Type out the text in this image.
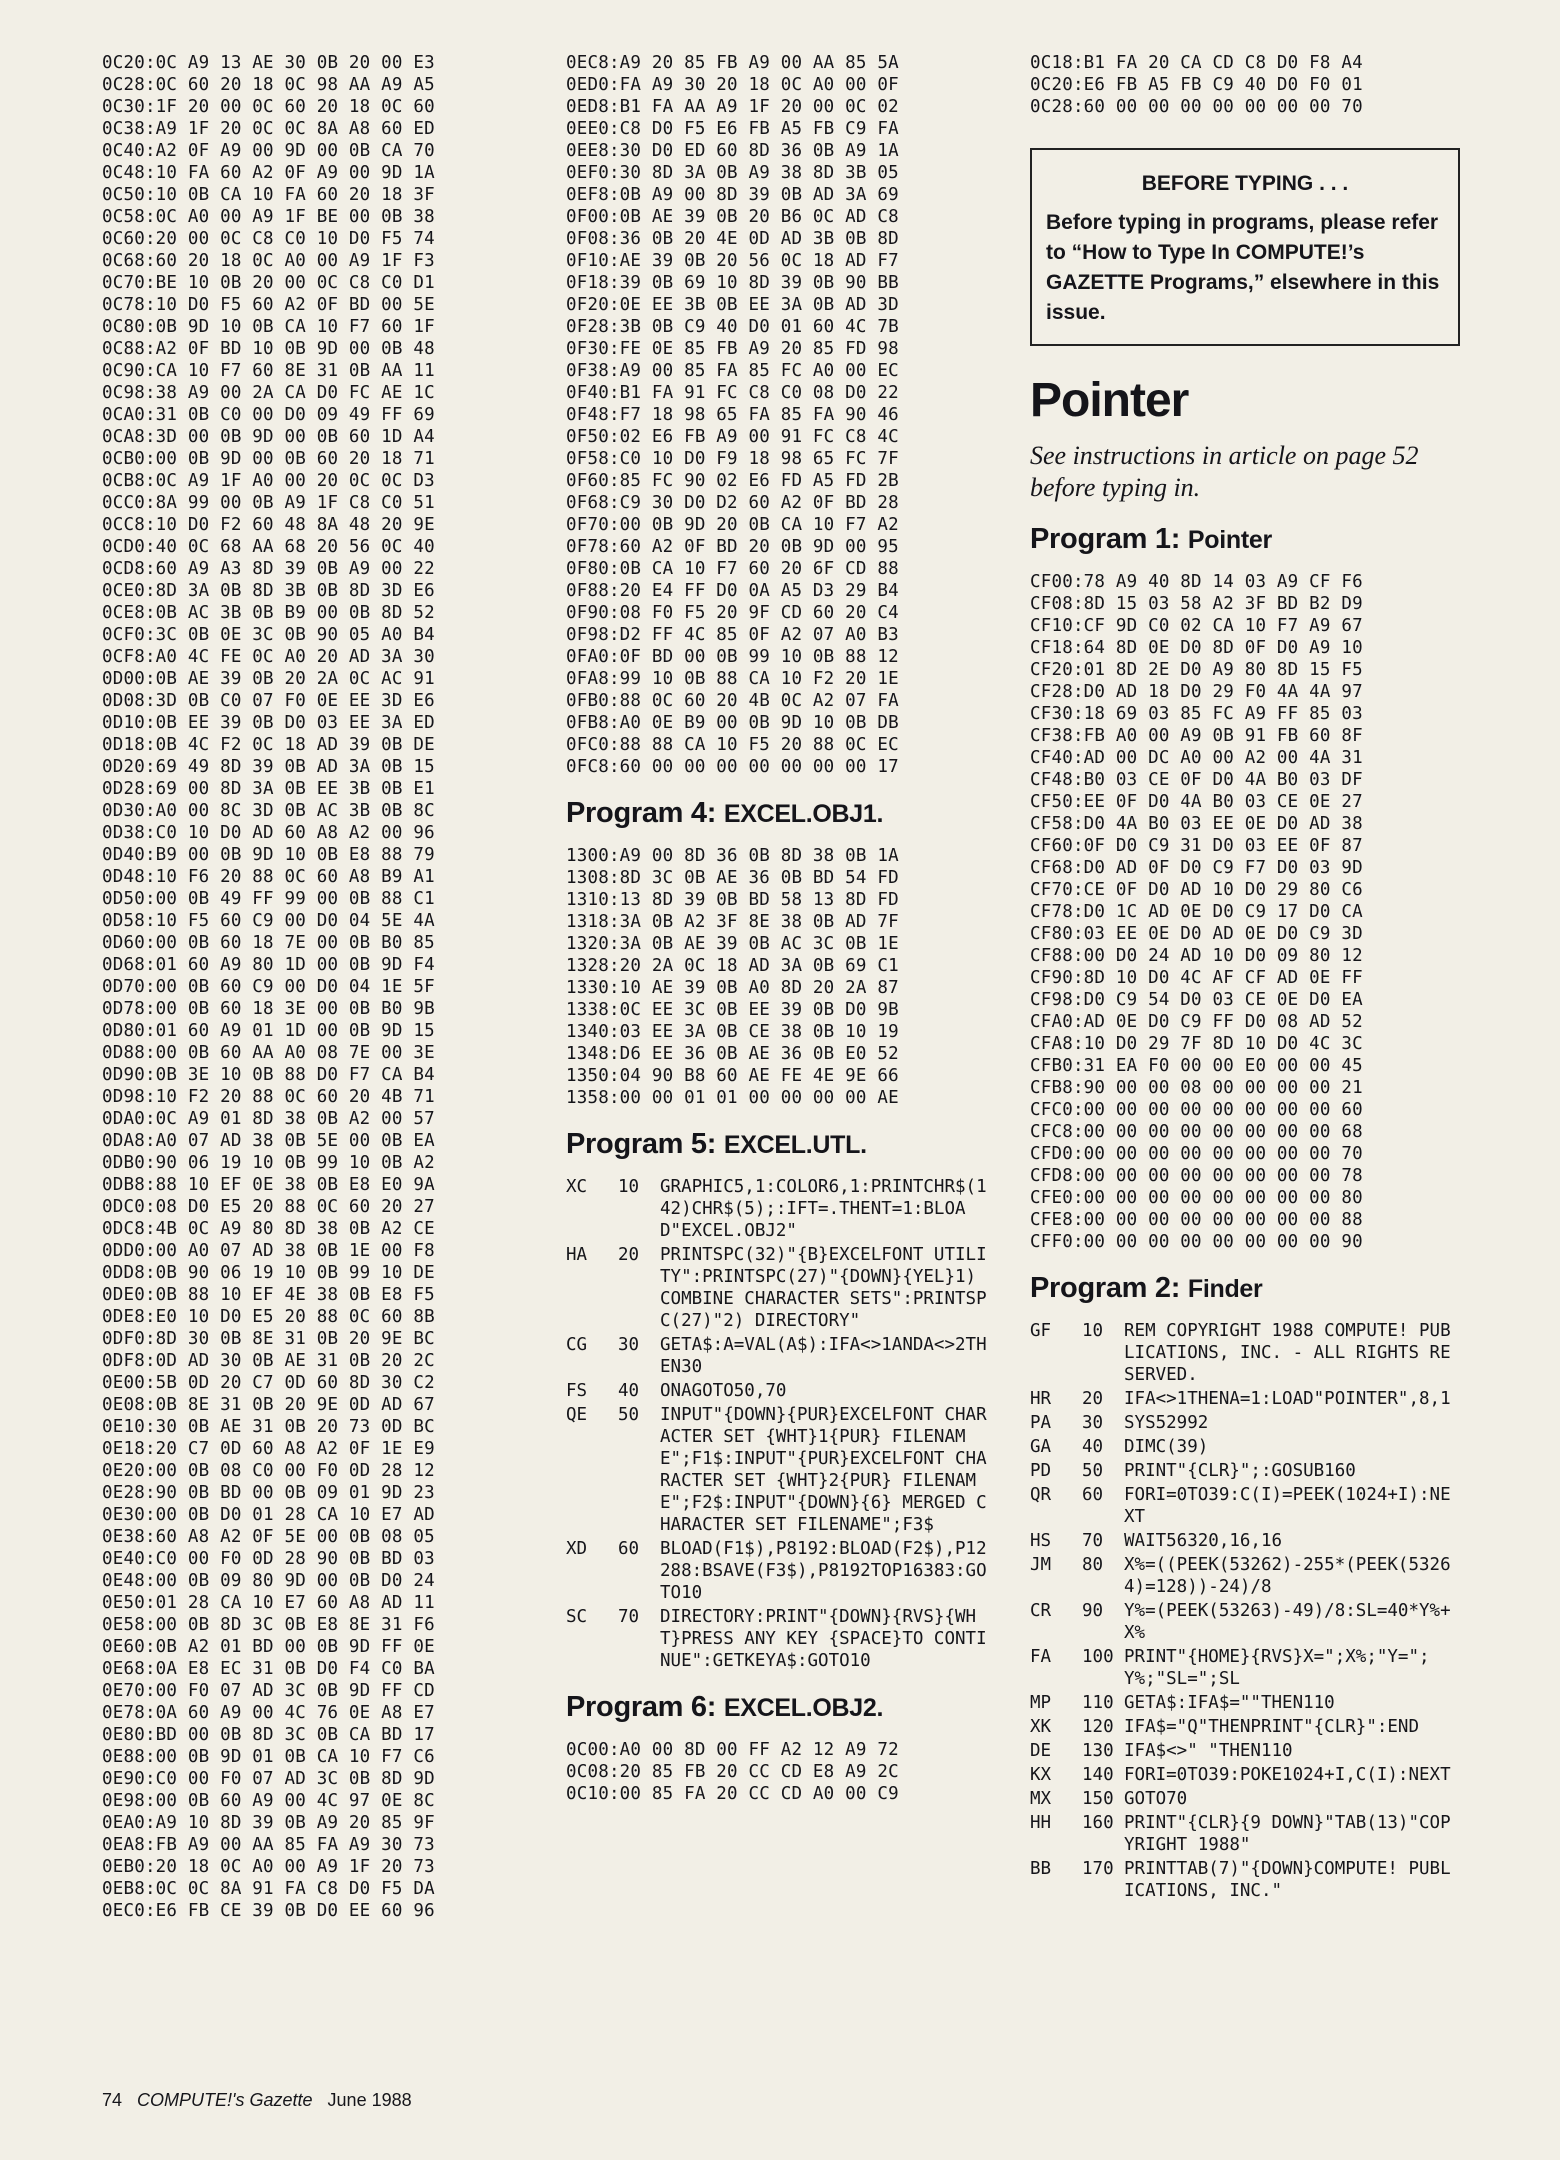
0C20:0C A9 13 AE 30 0B 20 00 E3
0C28:0C 60 20 18 0C 98 AA A9 A5
0C30:1F 20 00 0C 60 20 18 0C 60
0C38:A9 1F 20 0C 0C 8A A8 60 ED
0C40:A2 0F A9 00 9D 00 0B CA 70
0C48:10 FA 60 A2 0F A9 00 9D 1A
0C50:10 0B CA 10 FA 60 20 18 3F
0C58:0C A0 00 A9 1F BE 00 0B 38
0C60:20 00 0C C8 C0 10 D0 F5 74
0C68:60 20 18 0C A0 00 A9 1F F3
0C70:BE 10 0B 20 00 0C C8 C0 D1
0C78:10 D0 F5 60 A2 0F BD 00 5E
0C80:0B 9D 10 0B CA 10 F7 60 1F
0C88:A2 0F BD 10 0B 9D 00 0B 48
0C90:CA 10 F7 60 8E 31 0B AA 11
0C98:38 A9 00 2A CA D0 FC AE 1C
0CA0:31 0B C0 00 D0 09 49 FF 69
0CA8:3D 00 0B 9D 00 0B 60 1D A4
0CB0:00 0B 9D 00 0B 60 20 18 71
0CB8:0C A9 1F A0 00 20 0C 0C D3
0CC0:8A 99 00 0B A9 1F C8 C0 51
0CC8:10 D0 F2 60 48 8A 48 20 9E
0CD0:40 0C 68 AA 68 20 56 0C 40
0CD8:60 A9 A3 8D 39 0B A9 00 22
0CE0:8D 3A 0B 8D 3B 0B 8D 3D E6
0CE8:0B AC 3B 0B B9 00 0B 8D 52
0CF0:3C 0B 0E 3C 0B 90 05 A0 B4
0CF8:A0 4C FE 0C A0 20 AD 3A 30
0D00:0B AE 39 0B 20 2A 0C AC 91
0D08:3D 0B C0 07 F0 0E EE 3D E6
0D10:0B EE 39 0B D0 03 EE 3A ED
0D18:0B 4C F2 0C 18 AD 39 0B DE
0D20:69 49 8D 39 0B AD 3A 0B 15
0D28:69 00 8D 3A 0B EE 3B 0B E1
0D30:A0 00 8C 3D 0B AC 3B 0B 8C
0D38:C0 10 D0 AD 60 A8 A2 00 96
0D40:B9 00 0B 9D 10 0B E8 88 79
0D48:10 F6 20 88 0C 60 A8 B9 A1
0D50:00 0B 49 FF 99 00 0B 88 C1
0D58:10 F5 60 C9 00 D0 04 5E 4A
0D60:00 0B 60 18 7E 00 0B B0 85
0D68:01 60 A9 80 1D 00 0B 9D F4
0D70:00 0B 60 C9 00 D0 04 1E 5F
0D78:00 0B 60 18 3E 00 0B B0 9B
0D80:01 60 A9 01 1D 00 0B 9D 15
0D88:00 0B 60 AA A0 08 7E 00 3E
0D90:0B 3E 10 0B 88 D0 F7 CA B4
0D98:10 F2 20 88 0C 60 20 4B 71
0DA0:0C A9 01 8D 38 0B A2 00 57
0DA8:A0 07 AD 38 0B 5E 00 0B EA
0DB0:90 06 19 10 0B 99 10 0B A2
0DB8:88 10 EF 0E 38 0B E8 E0 9A
0DC0:08 D0 E5 20 88 0C 60 20 27
0DC8:4B 0C A9 80 8D 38 0B A2 CE
0DD0:00 A0 07 AD 38 0B 1E 00 F8
0DD8:0B 90 06 19 10 0B 99 10 DE
0DE0:0B 88 10 EF 4E 38 0B E8 F5
0DE8:E0 10 D0 E5 20 88 0C 60 8B
0DF0:8D 30 0B 8E 31 0B 20 9E BC
0DF8:0D AD 30 0B AE 31 0B 20 2C
0E00:5B 0D 20 C7 0D 60 8D 30 C2
0E08:0B 8E 31 0B 20 9E 0D AD 67
0E10:30 0B AE 31 0B 20 73 0D BC
0E18:20 C7 0D 60 A8 A2 0F 1E E9
0E20:00 0B 08 C0 00 F0 0D 28 12
0E28:90 0B BD 00 0B 09 01 9D 23
0E30:00 0B D0 01 28 CA 10 E7 AD
0E38:60 A8 A2 0F 5E 00 0B 08 05
0E40:C0 00 F0 0D 28 90 0B BD 03
0E48:00 0B 09 80 9D 00 0B D0 24
0E50:01 28 CA 10 E7 60 A8 AD 11
0E58:00 0B 8D 3C 0B E8 8E 31 F6
0E60:0B A2 01 BD 00 0B 9D FF 0E
0E68:0A E8 EC 31 0B D0 F4 C0 BA
0E70:00 F0 07 AD 3C 0B 9D FF CD
0E78:0A 60 A9 00 4C 76 0E A8 E7
0E80:BD 00 0B 8D 3C 0B CA BD 17
0E88:00 0B 9D 01 0B CA 10 F7 C6
0E90:C0 00 F0 07 AD 3C 0B 8D 9D
0E98:00 0B 60 A9 00 4C 97 0E 8C
0EA0:A9 10 8D 39 0B A9 20 85 9F
0EA8:FB A9 00 AA 85 FA A9 30 73
0EB0:20 18 0C A0 00 A9 1F 20 73
0EB8:0C 0C 8A 91 FA C8 D0 F5 DA
0EC0:E6 FB CE 39 0B D0 EE 60 96
0EC8:A9 20 85 FB A9 00 AA 85 5A
0ED0:FA A9 30 20 18 0C A0 00 0F
0ED8:B1 FA AA A9 1F 20 00 0C 02
0EE0:C8 D0 F5 E6 FB A5 FB C9 FA
0EE8:30 D0 ED 60 8D 36 0B A9 1A
0EF0:30 8D 3A 0B A9 38 8D 3B 05
0EF8:0B A9 00 8D 39 0B AD 3A 69
0F00:0B AE 39 0B 20 B6 0C AD C8
0F08:36 0B 20 4E 0D AD 3B 0B 8D
0F10:AE 39 0B 20 56 0C 18 AD F7
0F18:39 0B 69 10 8D 39 0B 90 BB
0F20:0E EE 3B 0B EE 3A 0B AD 3D
0F28:3B 0B C9 40 D0 01 60 4C 7B
0F30:FE 0E 85 FB A9 20 85 FD 98
0F38:A9 00 85 FA 85 FC A0 00 EC
0F40:B1 FA 91 FC C8 C0 08 D0 22
0F48:F7 18 98 65 FA 85 FA 90 46
0F50:02 E6 FB A9 00 91 FC C8 4C
0F58:C0 10 D0 F9 18 98 65 FC 7F
0F60:85 FC 90 02 E6 FD A5 FD 2B
0F68:C9 30 D0 D2 60 A2 0F BD 28
0F70:00 0B 9D 20 0B CA 10 F7 A2
0F78:60 A2 0F BD 20 0B 9D 00 95
0F80:0B CA 10 F7 60 20 6F CD 88
0F88:20 E4 FF D0 0A A5 D3 29 B4
0F90:08 F0 F5 20 9F CD 60 20 C4
0F98:D2 FF 4C 85 0F A2 07 A0 B3
0FA0:0F BD 00 0B 99 10 0B 88 12
0FA8:99 10 0B 88 CA 10 F2 20 1E
0FB0:88 0C 60 20 4B 0C A2 07 FA
0FB8:A0 0E B9 00 0B 9D 10 0B DB
0FC0:88 88 CA 10 F5 20 88 0C EC
0FC8:60 00 00 00 00 00 00 00 17
Program 4: EXCEL.OBJ1.
1300:A9 00 8D 36 0B 8D 38 0B 1A
1308:8D 3C 0B AE 36 0B BD 54 FD
1310:13 8D 39 0B BD 58 13 8D FD
1318:3A 0B A2 3F 8E 38 0B AD 7F
1320:3A 0B AE 39 0B AC 3C 0B 1E
1328:20 2A 0C 18 AD 3A 0B 69 C1
1330:10 AE 39 0B A0 8D 20 2A 87
1338:0C EE 3C 0B EE 39 0B D0 9B
1340:03 EE 3A 0B CE 38 0B 10 19
1348:D6 EE 36 0B AE 36 0B E0 52
1350:04 90 B8 60 AE FE 4E 9E 66
1358:00 00 01 01 00 00 00 00 AE
Program 5: EXCEL.UTL.
XC	10	GRAPHIC5,1:COLOR6,1:PRINTCHR$(142)CHR$(5);:IFT=.THENT=1:BLOAD"EXCEL.OBJ2"
HA	20	PRINTSPC(32)"{B}EXCELFONT UTILITY":PRINTSPC(27)"{DOWN}{YEL}1) COMBINE CHARACTER SETS":PRINTSPC(27)"2) DIRECTORY"
CG	30	GETA$:A=VAL(A$):IFA<>1ANDA<>2THEN30
FS	40	ONAGOTO50,70
QE	50	INPUT"{DOWN}{PUR}EXCELFONT CHARACTER SET {WHT}1{PUR} FILENAME";F1$:INPUT"{PUR}EXCELFONT CHARACTER SET {WHT}2{PUR} FILENAME";F2$:INPUT"{DOWN}{6} MERGED CHARACTER SET FILENAME";F3$
XD	60	BLOAD(F1$),P8192:BLOAD(F2$),P12288:BSAVE(F3$),P8192TOP16383:GOTO10
SC	70	DIRECTORY:PRINT"{DOWN}{RVS}{WHT}PRESS ANY KEY {SPACE}TO CONTINUE":GETKEYA$:GOTO10
Program 6: EXCEL.OBJ2.
0C00:A0 00 8D 00 FF A2 12 A9 72
0C08:20 85 FB 20 CC CD E8 A9 2C
0C10:00 85 FA 20 CC CD A0 00 C9
0C18:B1 FA 20 CA CD C8 D0 F8 A4
0C20:E6 FB A5 FB C9 40 D0 F0 01
0C28:60 00 00 00 00 00 00 00 70
BEFORE TYPING . . .
Before typing in programs, please refer to “How to Type In COMPUTE!’s GAZETTE Programs,” elsewhere in this issue.
Pointer
See instructions in article on page 52 before typing in.
Program 1: Pointer
CF00:78 A9 40 8D 14 03 A9 CF F6
CF08:8D 15 03 58 A2 3F BD B2 D9
CF10:CF 9D C0 02 CA 10 F7 A9 67
CF18:64 8D 0E D0 8D 0F D0 A9 10
CF20:01 8D 2E D0 A9 80 8D 15 F5
CF28:D0 AD 18 D0 29 F0 4A 4A 97
CF30:18 69 03 85 FC A9 FF 85 03
CF38:FB A0 00 A9 0B 91 FB 60 8F
CF40:AD 00 DC A0 00 A2 00 4A 31
CF48:B0 03 CE 0F D0 4A B0 03 DF
CF50:EE 0F D0 4A B0 03 CE 0E 27
CF58:D0 4A B0 03 EE 0E D0 AD 38
CF60:0F D0 C9 31 D0 03 EE 0F 87
CF68:D0 AD 0F D0 C9 F7 D0 03 9D
CF70:CE 0F D0 AD 10 D0 29 80 C6
CF78:D0 1C AD 0E D0 C9 17 D0 CA
CF80:03 EE 0E D0 AD 0E D0 C9 3D
CF88:00 D0 24 AD 10 D0 09 80 12
CF90:8D 10 D0 4C AF CF AD 0E FF
CF98:D0 C9 54 D0 03 CE 0E D0 EA
CFA0:AD 0E D0 C9 FF D0 08 AD 52
CFA8:10 D0 29 7F 8D 10 D0 4C 3C
CFB0:31 EA F0 00 00 E0 00 00 45
CFB8:90 00 00 08 00 00 00 00 21
CFC0:00 00 00 00 00 00 00 00 60
CFC8:00 00 00 00 00 00 00 00 68
CFD0:00 00 00 00 00 00 00 00 70
CFD8:00 00 00 00 00 00 00 00 78
CFE0:00 00 00 00 00 00 00 00 80
CFE8:00 00 00 00 00 00 00 00 88
CFF0:00 00 00 00 00 00 00 00 90
Program 2: Finder
GF	10	REM COPYRIGHT 1988 COMPUTE! PUBLICATIONS, INC. - ALL RIGHTS RESERVED.
HR	20	IFA<>1THENA=1:LOAD"POINTER",8,1
PA	30	SYS52992
GA	40	DIMC(39)
PD	50	PRINT"{CLR}";:GOSUB160
QR	60	FORI=0TO39:C(I)=PEEK(1024+I):NEXT
HS	70	WAIT56320,16,16
JM	80	X%=((PEEK(53262)-255*(PEEK(53264)=128))-24)/8
CR	90	Y%=(PEEK(53263)-49)/8:SL=40*Y%+X%
FA	100 PRINT"{HOME}{RVS}X=";X%;"Y=";Y%;"SL=";SL
MP	110 GETA$:IFA$=""THEN110
XK	120 IFA$="Q"THENPRINT"{CLR}":END
DE	130 IFA$<>" "THEN110
KX	140 FORI=0TO39:POKE1024+I,C(I):NEXT
MX	150 GOTO70
HH	160 PRINT"{CLR}{9 DOWN}"TAB(13)"COPYRIGHT 1988"
BB	170 PRINTTAB(7)"{DOWN}COMPUTE! PUBLICATIONS, INC."
74 COMPUTE!'s Gazette June 1988
